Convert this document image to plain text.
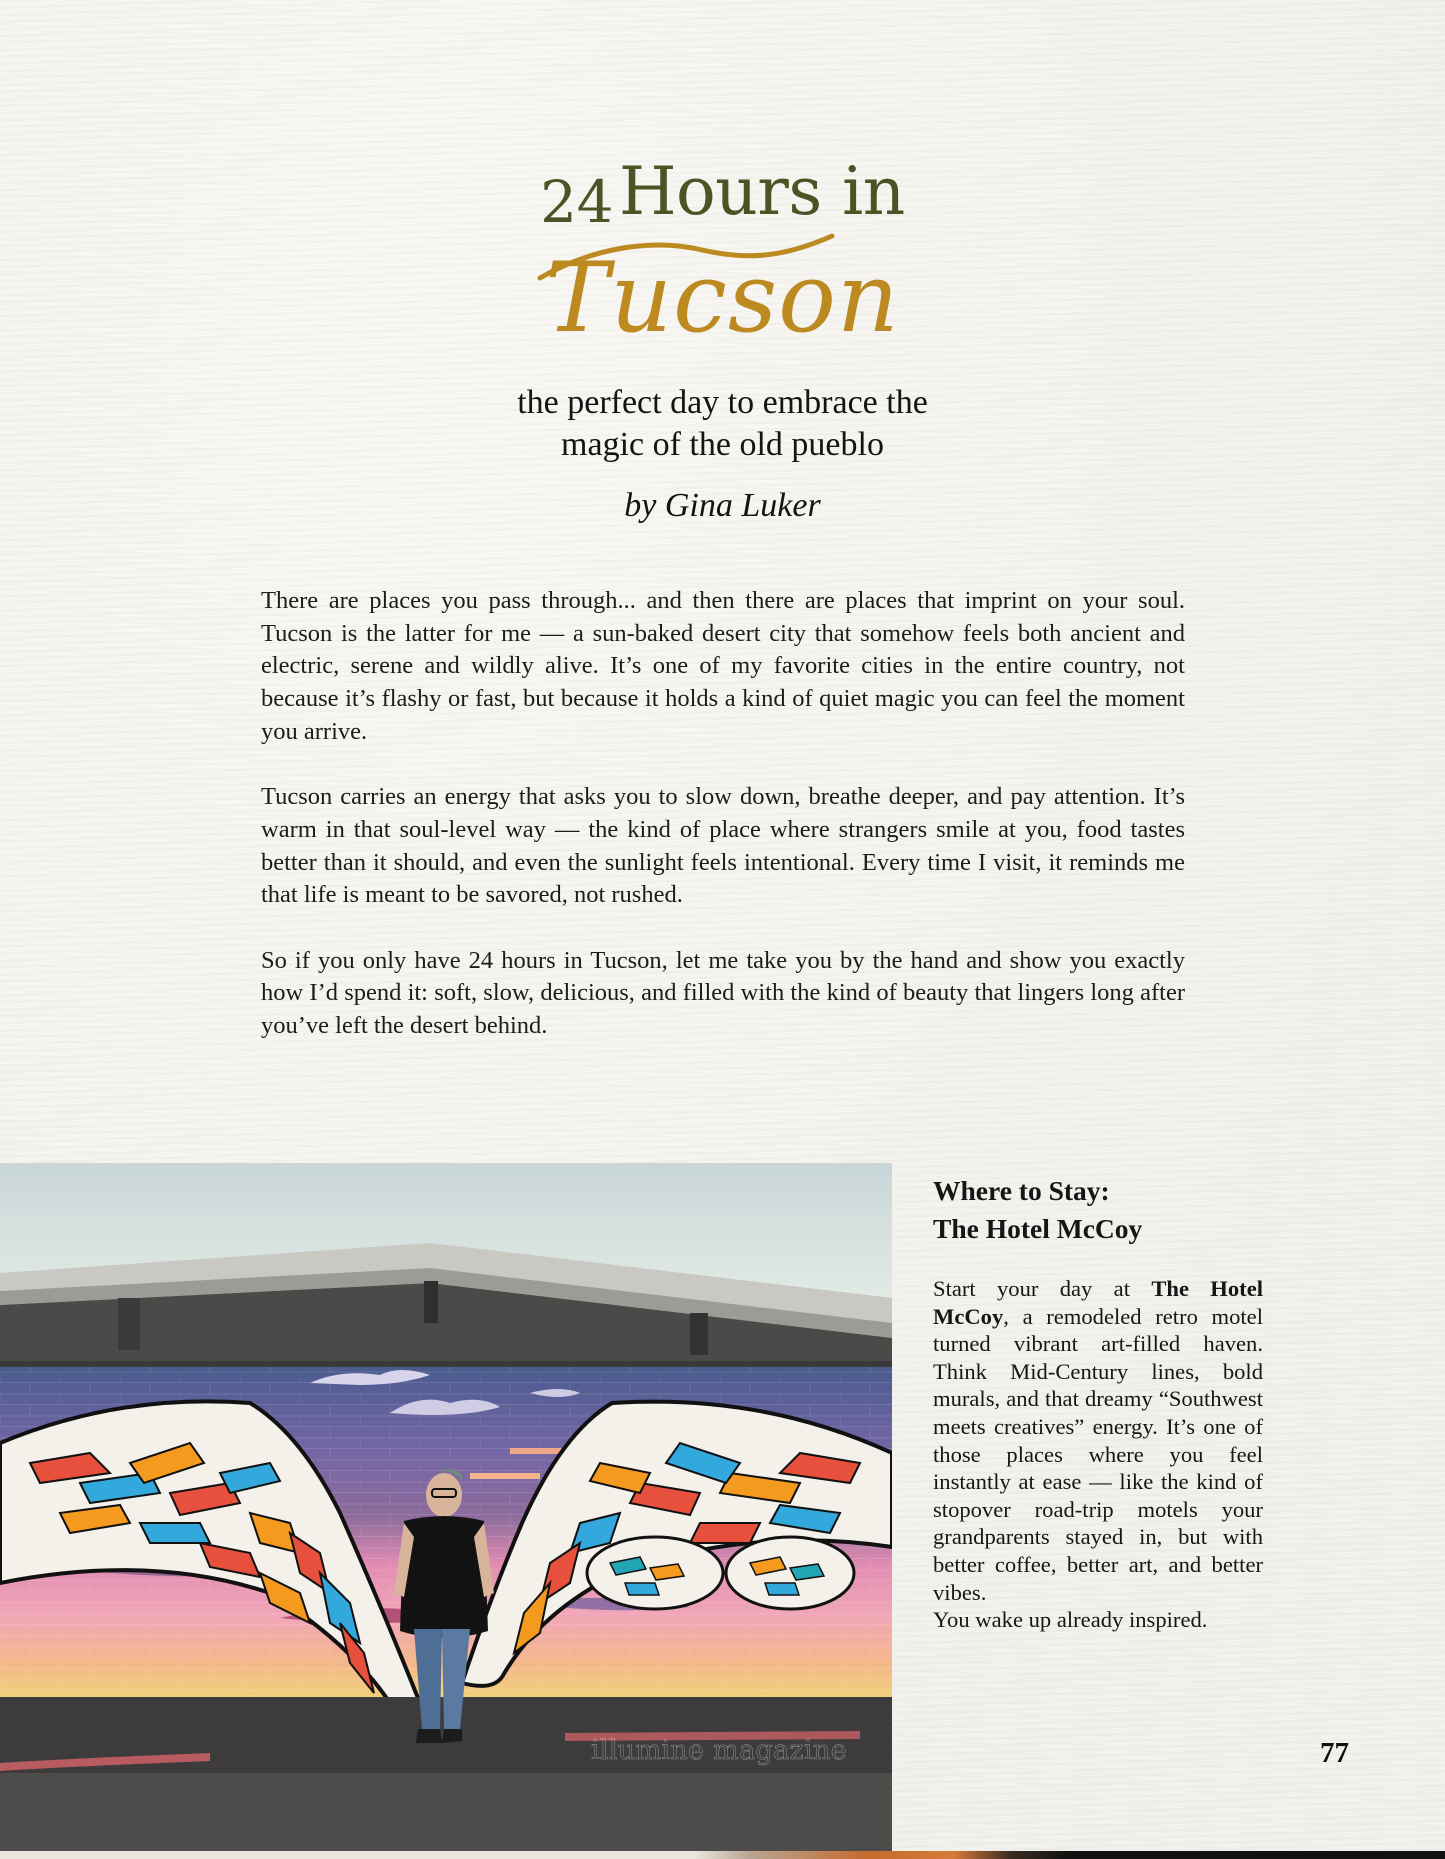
24Hours in
Tucson
the perfect day to embrace the
magic of the old pueblo
by Gina Luker

There are places you pass through... and then there are places that imprint on your soul. Tucson is the latter for me — a sun-baked desert city that somehow feels both ancient and electric, serene and wildly alive. It’s one of my favorite cities in the entire country, not because it’s flashy or fast, but because it holds a kind of quiet magic you can feel the moment you arrive.

Tucson carries an energy that asks you to slow down, breathe deeper, and pay attention. It’s warm in that soul-level way — the kind of place where strangers smile at you, food tastes better than it should, and even the sunlight feels intentional. Every time I visit, it reminds me that life is meant to be savored, not rushed.

So if you only have 24 hours in Tucson, let me take you by the hand and show you exactly how I’d spend it: soft, slow, delicious, and filled with the kind of beauty that lingers long after you’ve left the desert behind.

illumine magazine
Where to Stay:
The Hotel McCoy
Start your day at The Hotel McCoy, a remodeled retro motel turned vibrant art-filled haven. Think Mid-Century lines, bold murals, and that dreamy “Southwest meets creatives” energy. It’s one of those places where you feel instantly at ease — like the kind of stopover road-trip motels your grandparents stayed in, but with better coffee, better art, and better vibes.
You wake up already inspired.
77
